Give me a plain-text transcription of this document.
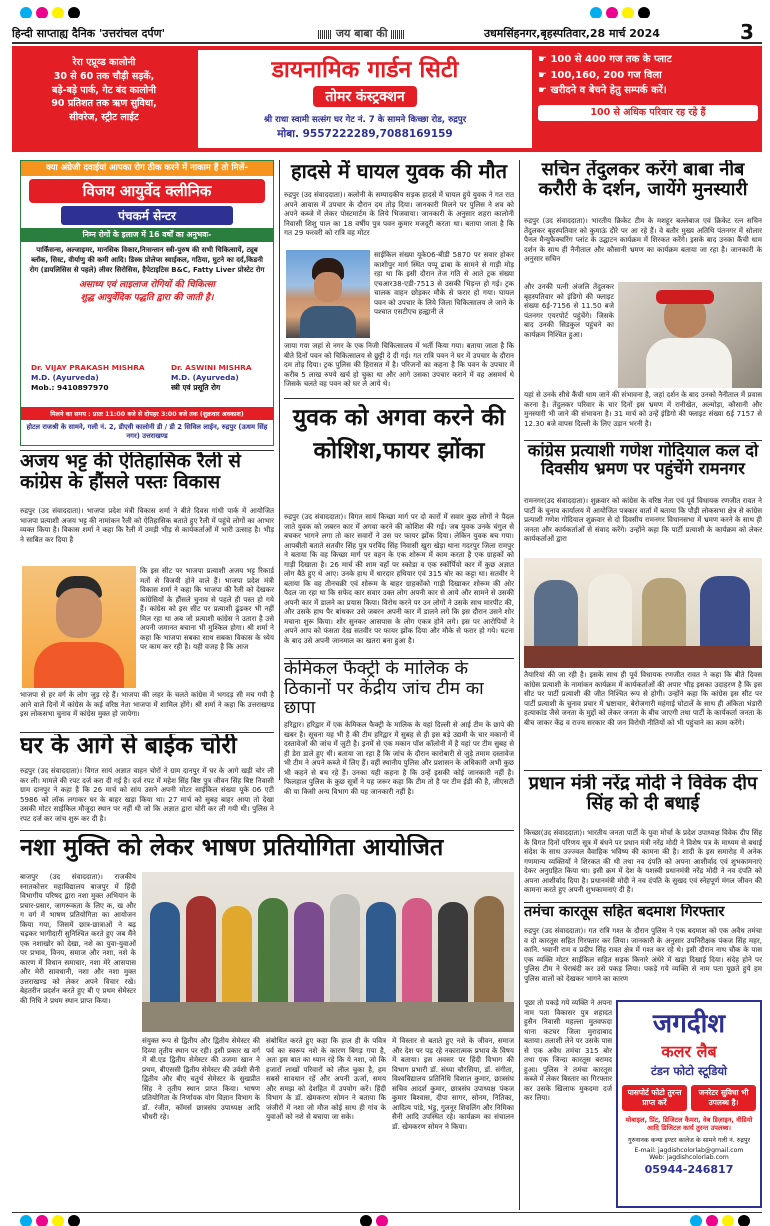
हिन्दी साप्ताह्य दैनिक 'उत्तरांचल दर्पण'	जय बाबा की	उधमसिंहनगर,बृहस्पतिवार,28 मार्च 2024	3
रेरा एप्रूव्ड कालोनी
30 से 60 तक चौड़ी सड़कें,
बड़े-बड़े पार्क, गेट बंद कालोनी
90 प्रतिशत तक ऋण सुविधा,
सीवरेज, स्ट्रीट लाईट
डायनामिक गार्डन सिटी
तोमर कंस्ट्रक्शन
श्री राधा स्वामी सत्संग घर गेट नं. 7 के सामने किच्छा रोड, रुद्रपुर
मोबा. 9557222289,7088169159
☛ 100 से 400 गज तक के प्लाट
☛ 100,160, 200 गज विला
☛ खरीदने व बेचने हेतु सम्पर्क करें।
100 से अधिक परिवार रह रहे हैं
क्या अंग्रेजी दवाईयां आपका रोग ठीक करने में नाकाम हैं तो मिलें-
विजय आयुर्वेद क्लीनिक
पंचकर्म सेन्टर
निम्न रोगों के इलाज में 16 वर्षों का अनुभवः-
पार्किंसन्स, अल्जाइमर, मानसिक विकार,निःसन्तान स्त्री-पुरुष की सभी चिकित्सायें, ट्यूब ब्लॉक, सिस्ट, वीर्याणु की कमी आदि। डिस्क प्रोलेप्स स्वाईकल, गठिया, घुटने का दर्द,किडनी रोग (डायलिसिस से पहले) लीवर सिरोसिस, हैपेटाइटिस B&C, Fatty Liver प्रोस्टेट रोग
असाध्य एवं लाइलाज रोगियों की चिकित्सा
शुद्ध आयुर्वेदिक पद्धति द्वारा की जाती है।
Dr. VIJAY PRAKASH MISHRA
M.D. (Ayurveda)
Mob.: 9410897970
Dr. ASWINI MISHRA
M.D. (Ayurveda)
स्त्री एवं प्रसूति रोग
मिलने का समय : प्रातः 11:00 बजे से दोपहर 3:00 बजे तक (शुक्रवार अवकाश)
होटल राजश्री के सामने, गली नं. 2, डीएवी कालोनी डी / डी 2 सिविल लाईन, रुद्रपुर (ऊधम सिंह नगर) उत्तराखण्ड
हादसे में घायल युवक की मौत
रुद्रपुर (उद संवाददाता)। कलोनी के सम्पादकीय सड़क हादसे में घायल हुये युवक ने गत रात अपने आवास में उपचार के दौरान दम तोड़ दिया। जानकारी मिलने पर पुलिस ने शव को अपने कब्जे में लेकर पोस्टमार्टम के लिये भिजवाया। जानकारी के अनुसार शहरा कालोनी निवासी शिशु पाल का 18 वर्षीय पुत्र पवन कुमार मजदूरी करता था। बताया जाता है कि गत 29 फरवरी को रात्रि वह मोटर
साईकिल संख्या यूके06-बीडी 5870 पर सवार होकर काशीपुर मार्ग स्थित पप्पू ढाबा के सामने से गाड़ी मोड़ रहा था कि इसी दौरान तेज गति से आते ट्रक संख्या एचआर38-एडी-7513 से उसकी भिड़न्त हो गई। ट्रक चालक वाहन छोड़कर मौके से फरार हो गया। घायल पवन को उपचार के लिये जिला चिकित्सालय ले जाने के पश्चात एसटीएच हल्द्वानी ले
जाया गया जहां से नगर के एक निजी चिकित्सालय में भर्ती किया गया। बताया जाता है कि बीते दिनों पवन को चिकित्सालय से छुट्टी दे दी गई। गत रात्रि पवन ने घर में उपचार के दौरान दम तोड़ दिया। ट्रक पुलिस की हिरासत में है। परिजनों का कहना है कि पवन के उपचार में करीब 5 लाख रुपये खर्च हो चुका था और आगे उसका उपचार कराने में वह असमर्थ थे जिसके चलते वह पवन को घर ले आये थे।
सचिन तेंदुलकर करेंगे बाबा नीब करौरी के दर्शन, जायेंगे मुनस्यारी
रुद्रपुर (उद संवाददाता)। भारतीय क्रिकेट टीम के मशहूर बल्लेबाज एवं क्रिकेट रत्न सचिन तेंदुलकर बृहस्पतिवार को कुमाऊं दौरे पर आ रहे हैं। वे बतौर मुख्य अतिथि पंतनगर में सोलार पैनल मैन्युफैक्चरिंग प्लांट के उद्घाटन कार्यक्रम में शिरकत करेंगे। इसके बाद उनका कैंची धाम दर्शन के साथ ही नैनीताल और कौसानी भ्रमण का कार्यक्रम बताया जा रहा है। जानकारी के अनुसार सचिन
और उनकी पत्नी अंजलि तेंदुलकर बृहस्पतिवार को इंडिगो की फ्लाइट संख्या 6ई-7156 से 11.50 बजे पंतनगर एयरपोर्ट पहुंचेंगे। जिसके बाद उनकी सिडकुल पहुंचने का कार्यक्रम निश्चित हुआ।
यहां से उनके सीधे कैंची धाम जाने की संभावना है, जहां दर्शन के बाद उनको नैनीताल में प्रवास करना है। तेंदुलकर परिवार के चार दिनों इस भ्रमण में रानीखेत, अल्मोड़ा, कौसानी और मुनस्यारी भी जाने की संभावना है। 31 मार्च को उन्हें इंडिगो की फ्लाइट संख्या 6ई 7157 से 12.30 बजे वापस दिल्ली के लिए उड़ान भरनी है।
अजय भट्ट की ऐतिहासिक रैली से कांग्रेस के हौंसले पस्तः विकास
रुद्रपुर (उद संवाददाता)। भाजपा प्रदेश मंत्री विकास शर्मा ने बीते दिवस गांधी पार्क में आयोजित भाजपा प्रत्याशी अजय भट्ट की नामांकन रैली को ऐतिहासिक बताते हुए रैली में पहुंचे लोगों का आभार व्यक्त किया है। विकास शर्मा ने कहा कि रैली में उमड़ी भीड़ से कार्यकर्ताओं में भारी उत्साह है। भीड़ ने साबित कर दिया है
कि इस सीट पर भाजपा प्रत्याशी अजय भट्ट रिकार्ड मतों से विजयी होने वाले हैं। भाजपा प्रदेश मंत्री विकास शर्मा ने कहा कि भाजपा की रैली को देखकर कांग्रेसियों के हौंसले चुनाव से पहले ही पस्त हो गये हैं। कांग्रेस को इस सीट पर प्रत्याशी ढूंढकर भी नहीं मिल रहा था अब जो प्रत्याशी कांग्रेस ने उतारा है उसे अपनी जमानत बचाना भी मुश्किल होगा। श्री शर्मा ने कहा कि भाजपा सबका साथ सबका विकास के ध्येय पर काम कर रही है। यही वजह है कि आज
भाजपा से हर वर्ग के लोग जुड़ रहे हैं। भाजपा की लहर के चलते कांग्रेस में भगदड़ सी मच गयी है आने वाले दिनों में कांग्रेस के कई वरिष्ठ नेता भाजपा में शामिल होंगे। श्री शर्मा ने कहा कि उत्तराखण्ड इस लोकसभा चुनाव में कांग्रेस मुक्त हो जायेगा।
युवक को अगवा करने की कोशिश,फायर झोंका
रुद्रपुर (उद संवाददाता)। विगत सायं किच्छा मार्ग पर दो कारों में सवार कुछ लोगों ने पैदल जाते युवक को जबरन कार में अगवा करने की कोशिश की गई। जब युवक उनके चंगुल से बचकर भागने लगा तो कार सवारों ने उस पर फायर झोंक दिया। लेकिन युवक बच गया। आपबीती बताते सतवीर सिंह पुत्र परविंद सिंह निवासी खुरा खेड़ा थाना गदरपुर जिला रामपुर ने बताया कि वह किच्छा मार्ग पर वहन के एक शोरूम में काम करता है एक ग्राहकों को गाड़ी दिखाता है। 26 मार्च की शाम वहाँ पर स्कोडा व एक स्कॉर्पियो कार में कुछ अज्ञात लोग बैठे हुए थे आए। उनके हाथ में धारदार हथियार एवं 315 बोर का कट्टा था। सतवीर ने बताया कि वह तीनचक्री एवं शोरूम के बाहर ग्राहकोंको गाड़ी दिखाकर शोरूम की ओर पैदल जा रहा था कि सफेद कार सवार उक्त लोग अपनी कार से आये और सामने से उसकी अपनी कार में डालने का प्रयास किया। विरोध करने पर उन लोगों ने उसके साथ मारपीट की, और उसके हाथ पैर बांधकर उसे जबरन अपनी कार में डालने लगे कि इस दौरान उसने शोर मचाना शुरू किया। शोर सुनकर आसपास के लोग एकत्र होने लगे। इस पर आरोपियों ने अपने आप को फंसता देख सतवीर पर फायर झोंक दिया और मौके से फरार हो गये। घटना के बाद उसे अपनी जानमाल का खतरा बना हुआ है।
केमिकल फैक्ट्री के मालिक के ठिकानों पर केंद्रीय जांच टीम का छापा
हरिद्वार। हरिद्वार में एक केमिकल फैक्ट्री के मालिक के यहां दिल्ली से आई टीम के छापे की खबर है। सूचना यह भी है की टीम हरिद्वार में सुबह से ही इस बड़े उद्यमी के चार मकानों में दस्तावेजों की जांच में जुटी है। इनमें से एक मकान पॉश कॉलोनी में है यहां पर टीम सुबह से ही डेरा डाले हुए थी। बताया जा रहा है कि जांच के दौरान कारोबारी से जुड़े तमाम दस्तावेज भी टीम ने अपने कब्जे में लिए हैं। वहीं स्थानीय पुलिस और प्रशासन के अधिकारी अभी कुछ भी कहने से बच रहे हैं। उनका यही कहना है कि उन्हें इसकी कोई जानकारी नहीं है। फिलहाल पुलिस के कुछ सूत्रों ने यह जरूर कहा कि टीम तो है पर टीम ईडी की है, जीएसटी की या किसी अन्य विभाग की यह जानकारी नहीं है।
घर के आगे से बाईक चोरी
रुद्रपुर (उद संवाददाता)। विगत सायं अज्ञात वाहन चोरों ने ग्राम दानपुर में घर के आगे खड़ी चोर ली कर ली। मामले की रपट दर्ज करा दी गई है। दर्ज रपट में महेश सिंह बिष्ट पुत्र जीवन सिंह बिष्ट निवासी ग्राम दानपुर ने कहा है कि 26 मार्च को सांय उसने अपनी मोटर साईकिल संख्या यूके 06 एटी 5986 को लॉक लगाकर घर के बाहर खड़ा किया था। 27 मार्च को सुबह बाहर आया तो देखा उसकी मोटर साईकिल मौजूदा स्थान पर नहीं थी जो कि अज्ञात द्वारा चोरी कर ली गयी थी। पुलिस ने रपट दर्ज कर जांच शुरू कर दी है।
नशा मुक्ति को लेकर भाषण प्रतियोगिता आयोजित
बाजपुर (उद संवाददाता)। राजकीय स्नातकोत्तर महाविद्यालय बाजपुर में हिंदी विभागीय परिषद द्वारा नशा मुक्त अभियान के प्रचार-प्रसार, जागरूकता के लिए क, ख और ग वर्ग में भाषण प्रतियोगिता का आयोजन किया गया, जिसमें छात्र-छात्राओं ने बढ़ चढ़कर भागीदारी सुनिश्चित करते हुए जब मैंने एक नशाखोर को देखा, नशे का युवा-युवाओं पर प्रभाव, विनय, समाज और नशा, नशे के कारण में विधान समाचार, नशा मेरे आसपास और मेरी सावधानी, नशा और नशा मुक्त उत्तराखण्ड को लेकर अपने विचार रखे। बेहतरीन प्रदर्शन करते हुए बी ए प्रथम सेमेस्टर की निधि ने प्रथम स्थान प्राप्त किया।
संयुक्त रूप से द्वितीय और द्वितीय सेमेस्टर की दिव्या तृतीय स्थान पर रही। इसी प्रकार ख वर्ग में बी.एड द्वितीय सेमेस्टर की उजमा खान ने प्रथम, बीएससी द्वितीय सेमेस्टर की उर्वशी सैनी द्वितीय और बीए चतुर्थ सेमेस्टर के सुखप्रीत सिंह ने तृतीय स्थान प्राप्त किया। भाषण प्रतियोगिता के निर्णायक योग विज्ञान विभाग के डॉ. रंजीत, कॉमर्स छात्रसंघ उपाध्यक्ष आदि चौधरी रहे।
संबोधित करते हुए कहा कि हाल ही के पवित्र पर्व का स्वरूप नशे के कारण बिगड़ गया है, अतः इस बात का ध्यान रहे कि ये नशा, जो कि हजारों लाखों परिवारों को लील चुका है, हम सबसे सावधान रहें और अपनी ऊर्जा, समय और समझ को देशहित में उपयोग करें। हिंदी विभाग के डॉ. खेमकरण सोमन ने बताया कि जंजीरों में नशा जो मौज कोई साथ ही गांव के युवाओं को नशे से बचाया जा सके।
में विस्तार से बताते हुए नशे के जीवन, समाज और देश पर पड़ रहे नकारात्मक प्रभाव के विषय में बताया। इस अवसर पर हिंदी विभाग की विभाग प्रभारी डॉ. संध्या चौरसिया, डॉ. संगीता, विश्वविद्यालय प्रतिनिधि विशाल कुमार, छात्रसंघ सचिव आदर्श कुमार, छात्रसंघ उपाध्यक्ष पंकज कुमार बिश्वास, दीपा सागर, सोनम, नितिका, आदित्य पांडे, भंडु, गुलनूर शिवलिंग और निमिका सैनी आदि उपस्थित रहे। कार्यक्रम का संचालन डॉ. खेमकरण सोमन ने किया।
कांग्रेस प्रत्याशी गणेश गोदियाल कल दो दिवसीय भ्रमण पर पहुंचेंगे रामनगर
रामनगर(उद संवाददाता)। शुक्रवार को कांग्रेस के वरिष्ठ नेता एवं पूर्व विधायक रणजीत रावत ने पार्टी के चुनाव कार्यालय में आयोजित पत्रकार वार्ता में बताया कि पौड़ी लोकसभा क्षेत्र से कांग्रेस प्रत्याशी गणेश गोदियाल शुक्रवार से दो दिवसीय रामनगर विधानसभा में भ्रमण करने के साथ ही जनता और कार्यकर्ताओं से संवाद करेंगे। उन्होंने कहा कि पार्टी प्रत्याशी के कार्यक्रम को लेकर कार्यकर्ताओं द्वारा
तैयारियां की जा रही है। इसके साथ ही पूर्व विधायक रणजीत रावत ने कहा कि बीते दिवस कांग्रेस प्रत्याशी के नामांकन कार्यक्रम में कार्यकर्ताओं की अपार भीड़ इसका उदाहरण है कि इस सीट पर पार्टी प्रत्याशी की जीत निश्चित रूप से होगी। उन्होंने कहा कि कांग्रेस इस सीट पर पार्टी प्रत्याशी के चुनाव प्रचार में भ्रष्टाचार, बेरोजगारी महंगाई घोटालें के साथ ही अंकिता भंडारी हत्याकांड जैसे जनता के मुद्दों को लेकर जनता के बीच जाएगी तथा पार्टी के कार्यकर्ता जनता के बीच जाकर केंद्र व राज्य सरकार की जन विरोधी नीतियों को भी पहुंचाने का काम करेंगे।
प्रधान मंत्री नरेंद्र मोदी ने विवेक दीप सिंह को दी बधाई
किच्छा(उद संवाददाता)। भारतीय जनता पार्टी के युवा मोर्चा के प्रदेश उपाध्यक्ष विवेक दीप सिंह के विगत दिनों परिणय सूत्र में बंधने पर प्रधान मंत्री नरेंद्र मोदी ने विशेष पत्र के माध्यम से बधाई संदेश के साथ उज्ज्वल वैवाहिक भविष्य की कामना की है। शादी के इस समारोह में अनेक गणमान्य व्यक्तियों ने शिरकत की थी तथा नव दंपति को अपना आशीर्वाद एवं शुभकामनाएं देकर अनुग्रहित किया था। इसी क्रम में देश के यशस्वी प्रधानमंत्री नरेंद्र मोदी ने नव दंपति को अपना आशीर्वाद दिया है। प्रधानमंत्री मोदी ने नव दंपति के सुखद एवं स्नेहपूर्ण मंगल जीवन की कामना करते हुए अपनी शुभकामनाएं दी है।
तमंचा कारतूस सहित बदमाश गिरफ्तार
रुद्रपुर (उद संवाददाता)। गत रात्रि गश्त के दौरान पुलिस ने एक बदमाश को एक अवैध तमंचा व दो कारतूस सहित गिरफ्तार कर लिया। जानकारी के अनुसार उपनिरीक्षक पंकज सिंह महर, कानि. भवानी राम व प्रदीप सिंह रावत क्षेत्र में गश्त कर रहे थे। इसी दौरान नाथ चौक के पास एक व्यक्ति मोटर साईकिल सहित सड़क किनारे अंधेरे में खड़ा दिखाई दिया। संदेह होने पर पुलिस टीम ने घेराबंदी कर उसे पकड़ लिया। पकड़े गये व्यक्ति से नाम पता पूछते हुये हम पुलिस वालों को देखकर भागने का कारण
पूछा तो पकड़े गये व्यक्ति ने अपना नाम पता विकासर पुत्र शहादत हुसैन निवासी महल्ला मुतवफदा थाना कटघर जिला मुरादाबाद बताया। तलाशी लेने पर उसके पास से एक अवैध तमंचा 315 बोर तथा एक जिन्दा कारतूस बरामद हुआ। पुलिस ने तमंचा कारतूस कब्जे में लेकर बिस्तार का गिरफ्तार कर उसके खिलाफ मुकदमा दर्ज कर लिया।
जगदीश
कलर लैब
टंडन फोटो स्टूडियो
पासपोर्ट फोटो तुरन्त प्राप्त करें
जनरेटर सुविधा भी उपलब्ध है।
मोबाइल, प्रिंट, डिजिटल कैमरा, वेब डिज़ाइन, वीडियो आदि डिजिटल कार्य तुरन्त उपलब्ध।
गुरुनानक कन्या इण्टर कालेज के सामने गली नं. रुद्रपुर
E-mail: jagdishcolorlab@gmail.com
Web: jagdishcolorlab.com
05944-246817
